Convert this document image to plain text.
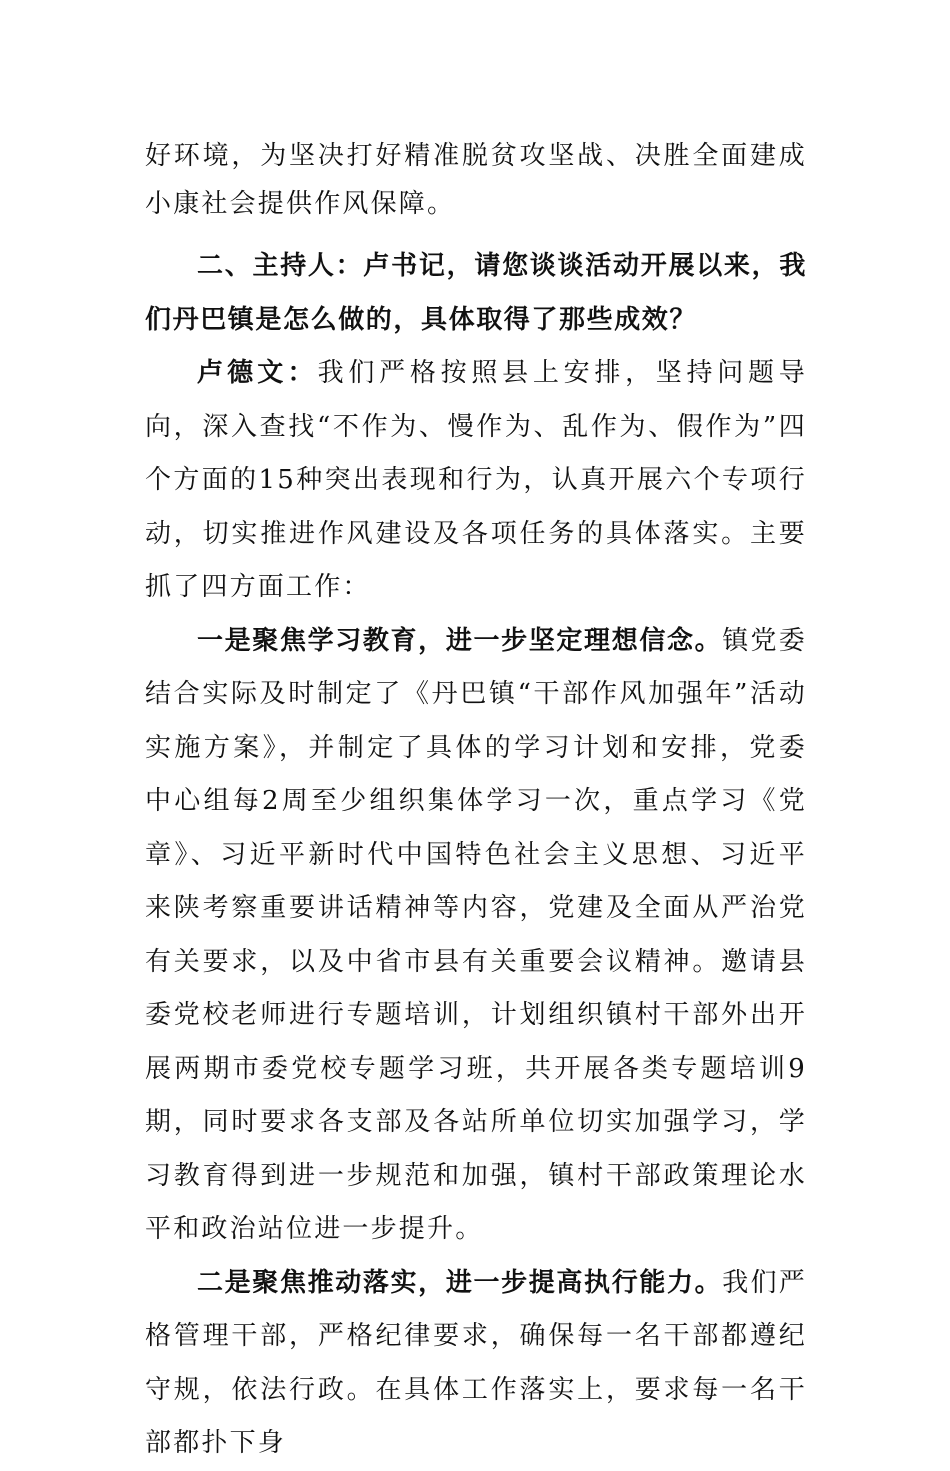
好环境，为坚决打好精准脱贫攻坚战、决胜全面建成小康社会提供作风保障。

二、主持人：卢书记，请您谈谈活动开展以来，我们丹巴镇是怎么做的，具体取得了那些成效？

卢德文：我们严格按照县上安排，坚持问题导向，深入查找“不作为、慢作为、乱作为、假作为”四个方面的15种突出表现和行为，认真开展六个专项行动，切实推进作风建设及各项任务的具体落实。主要抓了四方面工作：

一是聚焦学习教育，进一步坚定理想信念。镇党委结合实际及时制定了《丹巴镇“干部作风加强年”活动实施方案》，并制定了具体的学习计划和安排，党委中心组每2周至少组织集体学习一次，重点学习《党章》、习近平新时代中国特色社会主义思想、习近平来陕考察重要讲话精神等内容，党建及全面从严治党有关要求，以及中省市县有关重要会议精神。邀请县委党校老师进行专题培训，计划组织镇村干部外出开展两期市委党校专题学习班，共开展各类专题培训9期，同时要求各支部及各站所单位切实加强学习，学习教育得到进一步规范和加强，镇村干部政策理论水平和政治站位进一步提升。

二是聚焦推动落实，进一步提高执行能力。我们严格管理干部，严格纪律要求，确保每一名干部都遵纪守规，依法行政。在具体工作落实上，要求每一名干部都扑下身
